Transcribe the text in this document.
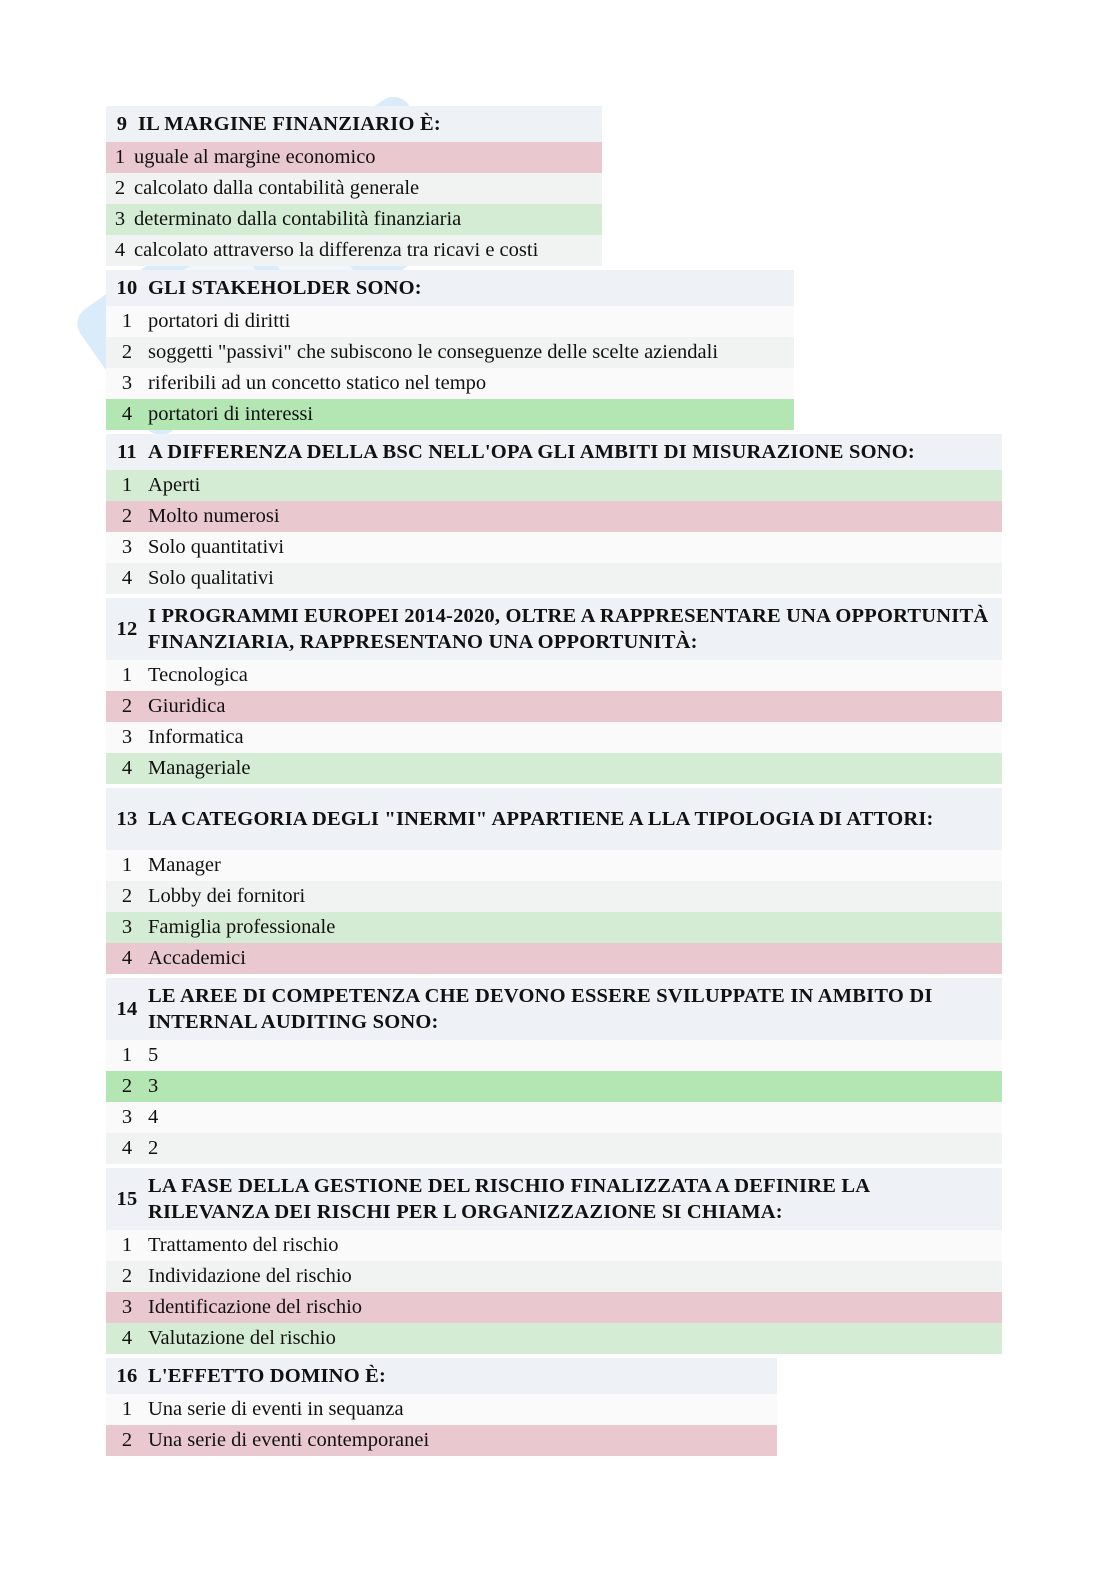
9 IL MARGINE FINANZIARIO È:
1 uguale al margine economico
2 calcolato dalla contabilità generale
3 determinato dalla contabilità finanziaria
4 calcolato attraverso la differenza tra ricavi e costi
10 GLI STAKEHOLDER SONO:
1 portatori di diritti
2 soggetti "passivi" che subiscono le conseguenze delle scelte aziendali
3 riferibili ad un concetto statico nel tempo
4 portatori di interessi
11 A DIFFERENZA DELLA BSC NELL'OPA GLI AMBITI DI MISURAZIONE SONO:
1 Aperti
2 Molto numerosi
3 Solo quantitativi
4 Solo qualitativi
12
I PROGRAMMI EUROPEI 2014-2020, OLTRE A RAPPRESENTARE UNA OPPORTUNITÀ FINANZIARIA, RAPPRESENTANO UNA OPPORTUNITÀ:
1 Tecnologica
2 Giuridica
3 Informatica
4 Manageriale
13 LA CATEGORIA DEGLI "INERMI" APPARTIENE A LLA TIPOLOGIA DI ATTORI:
1 Manager
2 Lobby dei fornitori
3 Famiglia professionale
4 Accademici
14
LE AREE DI COMPETENZA CHE DEVONO ESSERE SVILUPPATE IN AMBITO DI INTERNAL AUDITING SONO:
1 5
2 3
3 4
4 2
15
LA FASE DELLA GESTIONE DEL RISCHIO FINALIZZATA A DEFINIRE LA RILEVANZA DEI RISCHI PER L ORGANIZZAZIONE SI CHIAMA:
1 Trattamento del rischio
2 Individazione del rischio
3 Identificazione del rischio
4 Valutazione del rischio
16 L'EFFETTO DOMINO È:
1 Una serie di eventi in sequanza
2 Una serie di eventi contemporanei
